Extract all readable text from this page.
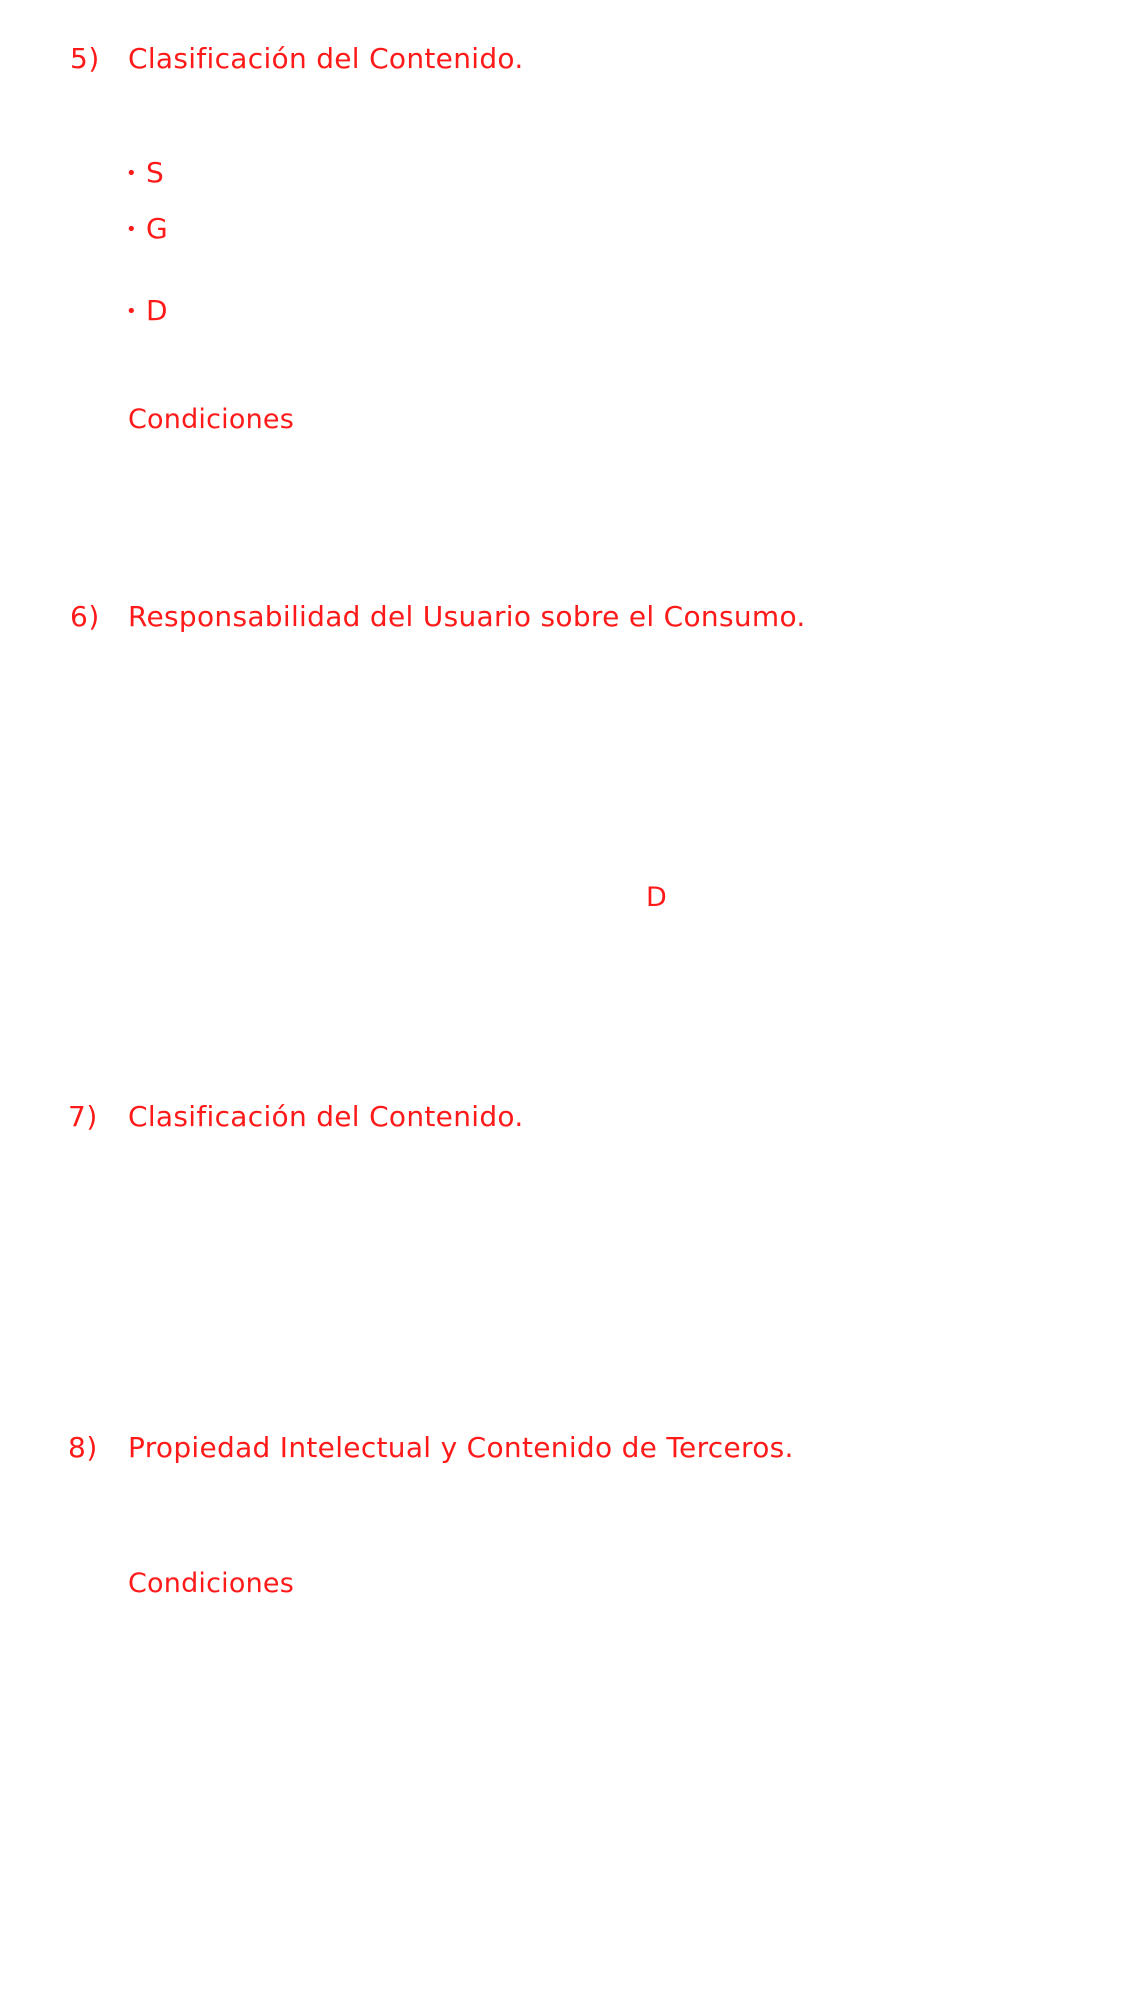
5) Clasificación del Contenido.
• S
• G
• D
Condiciones
6) Responsabilidad del Usuario sobre el Consumo.
D
7) Clasificación del Contenido.
8) Propiedad Intelectual y Contenido de Terceros.
Condiciones
